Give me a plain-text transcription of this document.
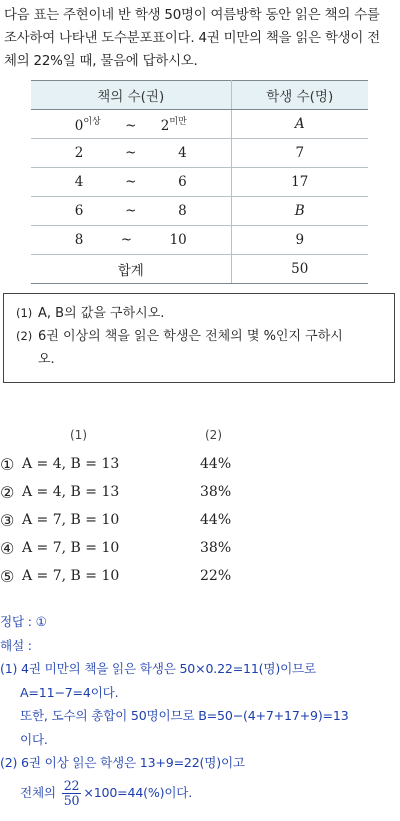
다음 표는 주현이네 반 학생 50명이 여름방학 동안 읽은 책의 수를
조사하여 나타낸 도수분포표이다. 4권 미만의 책을 읽은 학생이 전
체의 22%일 때, 물음에 답하시오.
책의 수(권)	학생 수(명)

$0^{이상}$ ~ $2^{미만}$	A

2 ~ 4	7

4 ~ 6	17

6 ~ 8	B

8 ~ 10	9
합계	50
(1) A, B의 값을 구하시오.
(2) 6권 이상의 책을 읽은 학생은 전체의 몇 %인지 구하시
오.
(1)	(2)
① A = 4, B = 13	44%
② A = 4, B = 13	38%
③ A = 7, B = 10	44%
④ A = 7, B = 10	38%
⑤ A = 7, B = 10	22%
정답 : ①
해설 :
(1) 4권 미만의 책을 읽은 학생은 50×0.22=11(명)이므로
A=11−7=4이다.
또한, 도수의 총합이 50명이므로 B=50−(4+7+17+9)=13
이다.
(2) 6권 이상 읽은 학생은 13+9=22(명)이고
전체의 $\frac{22}{50} \times 100=44(\%)$이다.
